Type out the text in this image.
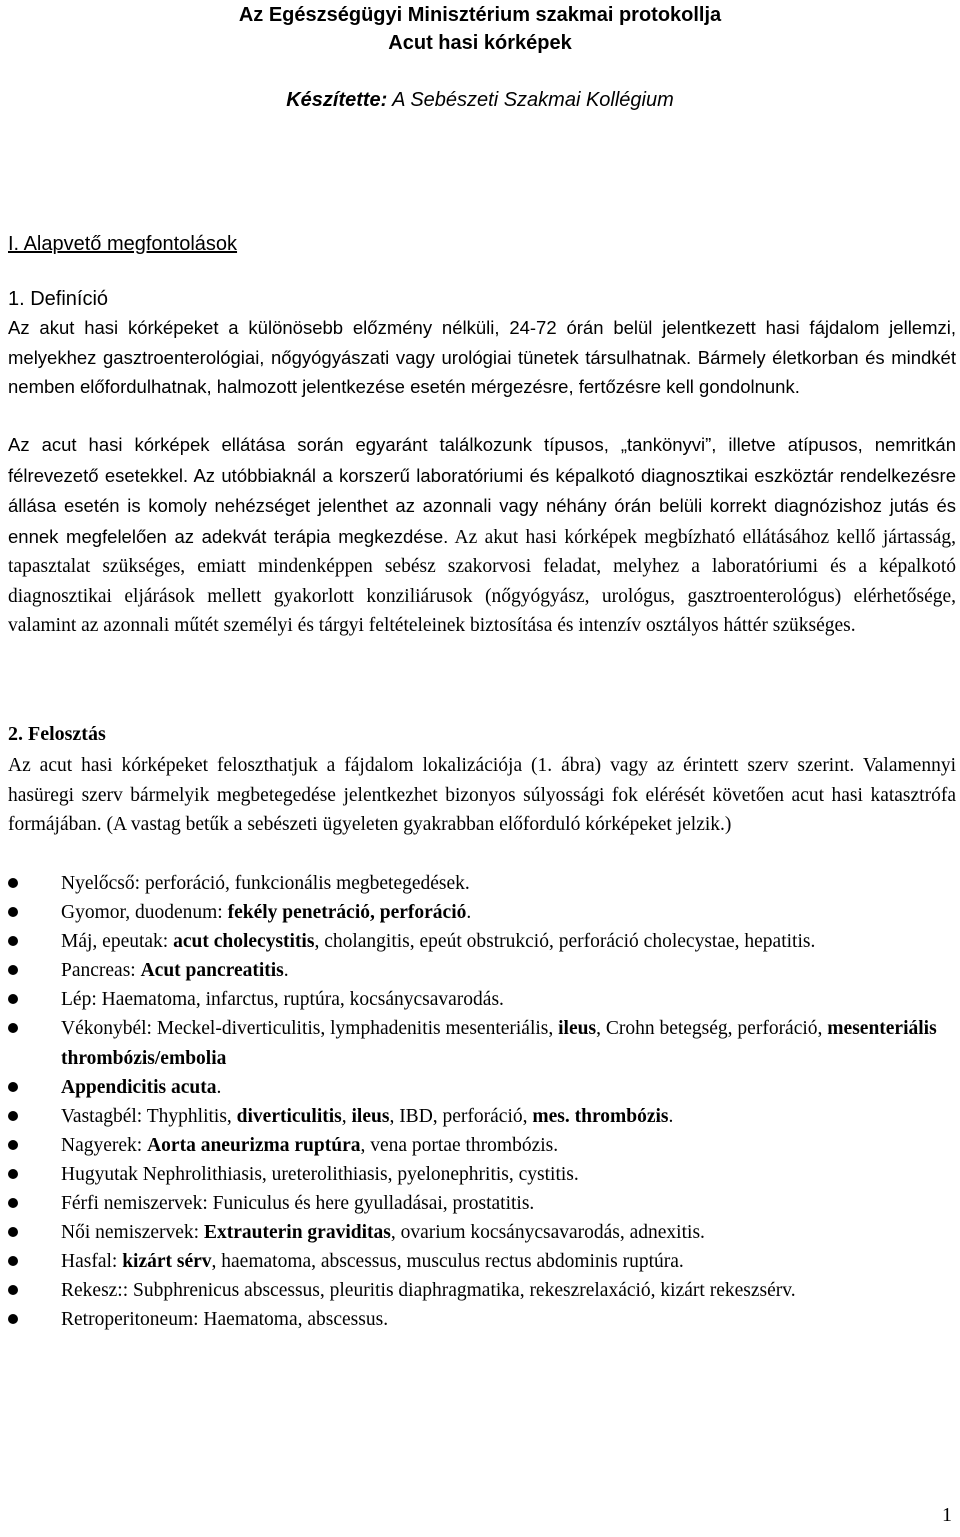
Az Egészségügyi Minisztérium szakmai protokollja
Acut hasi kórképek
Készítette: A Sebészeti Szakmai Kollégium
I. Alapvető megfontolások
1. Definíció

Az akut hasi kórképeket a különösebb előzmény nélküli, 24-72 órán belül jelentkezett hasi fájdalom jellemzi, melyekhez gasztroenterológiai, nőgyógyászati vagy urológiai tünetek társulhatnak. Bármely életkorban és mindkét nemben előfordulhatnak, halmozott jelentkezése esetén mérgezésre, fertőzésre kell gondolnunk.

Az acut hasi kórképek ellátása során egyaránt találkozunk típusos, „tankönyvi”, illetve atípusos, nemritkán félrevezető esetekkel. Az utóbbiaknál a korszerű laboratóriumi és képalkotó diagnosztikai eszköztár rendelkezésre állása esetén is komoly nehézséget jelenthet az azonnali vagy néhány órán belüli korrekt diagnózishoz jutás és ennek megfelelően az adekvát terápia megkezdése. Az akut hasi kórképek megbízható ellátásához kellő jártasság, tapasztalat szükséges, emiatt mindenképpen sebész szakorvosi feladat, melyhez a laboratóriumi és a képalkotó diagnosztikai eljárások mellett gyakorlott konziliárusok (nőgyógyász, urológus, gasztroenterológus) elérhetősége, valamint az azonnali műtét személyi és tárgyi feltételeinek biztosítása és intenzív osztályos háttér szükséges.

2. Felosztás

Az acut hasi kórképeket feloszthatjuk a fájdalom lokalizációja (1. ábra) vagy az érintett szerv szerint. Valamennyi hasüregi szerv bármelyik megbetegedése jelentkezhet bizonyos súlyossági fok elérését követően acut hasi katasztrófa formájában. (A vastag betűk a sebészeti ügyeleten gyakrabban előforduló kórképeket jelzik.)

Nyelőcső: perforáció, funkcionális megbetegedések.
Gyomor, duodenum: fekély penetráció, perforáció.
Máj, epeutak: acut cholecystitis, cholangitis, epeút obstrukció, perforáció cholecystae, hepatitis.
Pancreas: Acut pancreatitis.
Lép: Haematoma, infarctus, ruptúra, kocsánycsavarodás.
Vékonybél: Meckel-diverticulitis, lymphadenitis mesenteriális, ileus, Crohn betegség, perforáció, mesenteriális thrombózis/embolia
Appendicitis acuta.
Vastagbél: Thyphlitis, diverticulitis, ileus, IBD, perforáció, mes. thrombózis.
Nagyerek: Aorta aneurizma ruptúra, vena portae thrombózis.
Hugyutak Nephrolithiasis, ureterolithiasis, pyelonephritis, cystitis.
Férfi nemiszervek: Funiculus és here gyulladásai, prostatitis.
Női nemiszervek: Extrauterin graviditas, ovarium kocsánycsavarodás, adnexitis.
Hasfal: kizárt sérv, haematoma, abscessus, musculus rectus abdominis ruptúra.
Rekesz:: Subphrenicus abscessus, pleuritis diaphragmatika, rekeszrelaxáció, kizárt rekeszsérv.
Retroperitoneum: Haematoma, abscessus.
1
